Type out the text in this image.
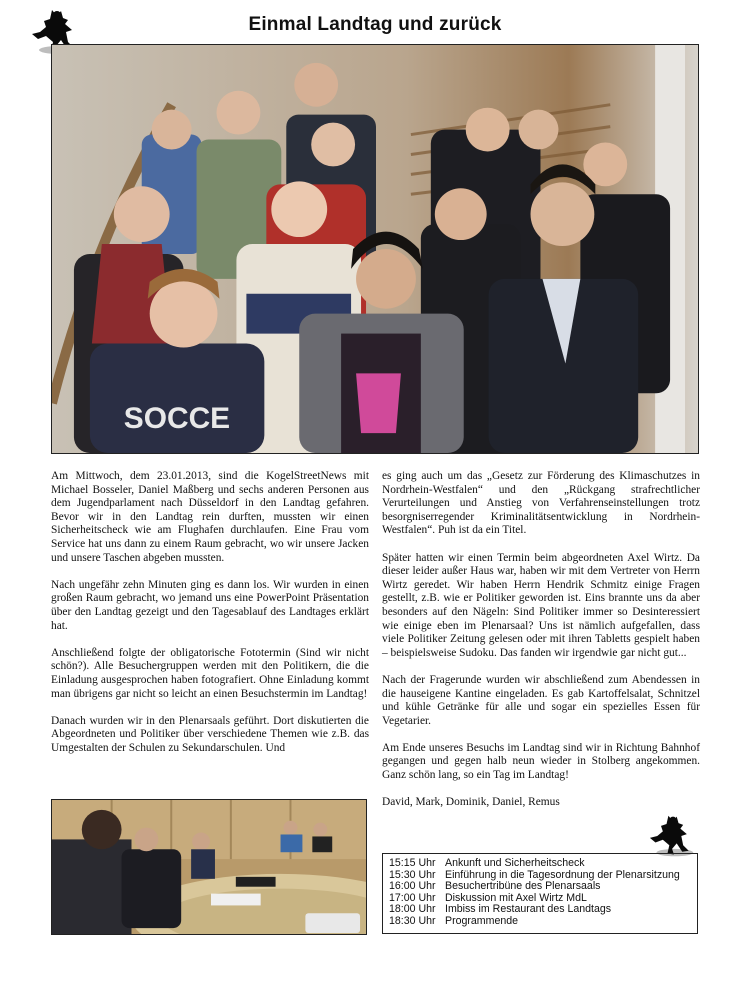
Einmal Landtag und zurück
SOCCE

Am Mittwoch, dem 23.01.2013, sind die KogelStreetNews mit Michael Bosseler, Daniel Maßberg und sechs anderen Personen aus dem Jugendparlament nach Düsseldorf in den Landtag gefahren. Bevor wir in den Landtag rein durften, mussten wir einen Sicherheitscheck wie am Flughafen durchlaufen. Eine Frau vom Service hat uns dann zu einem Raum gebracht, wo wir unsere Jacken und unsere Taschen abgeben mussten.

Nach ungefähr zehn Minuten ging es dann los. Wir wurden in einen großen Raum gebracht, wo jemand uns eine PowerPoint Präsentation über den Landtag gezeigt und den Tagesablauf des Landtages erklärt hat.

Anschließend folgte der obligatorische Fototermin (Sind wir nicht schön?). Alle Besuchergruppen werden mit den Politikern, die die Einladung ausgesprochen haben fotografiert. Ohne Einladung kommt man übrigens gar nicht so leicht an einen Besuchstermin im Landtag!

Danach wurden wir in den Plenarsaals geführt. Dort diskutierten die Abgeordneten und Politiker über verschiedene Themen wie z.B. das Umgestalten der Schulen zu Sekundarschulen. Und

es ging auch um das „Gesetz zur Förderung des Klimaschutzes in Nordrhein-Westfalen“ und den „Rückgang strafrechtlicher Verurteilungen und Anstieg von Verfahrenseinstellungen trotz besorgniserregender Kriminalitätsentwicklung in Nordrhein-Westfalen“. Puh ist da ein Titel.

Später hatten wir einen Termin beim abgeordneten Axel Wirtz. Da dieser leider außer Haus war, haben wir mit dem Vertreter von Herrn Wirtz geredet. Wir haben Herrn Hendrik Schmitz einige Fragen gestellt, z.B. wie er Politiker geworden ist. Eins brannte uns da aber besonders auf den Nägeln: Sind Politiker immer so Desinteressiert wie einige eben im Plenarsaal? Uns ist nämlich aufgefallen, dass viele Politiker Zeitung gelesen oder mit ihren Tabletts gespielt haben – beispielsweise Sudoku. Das fanden wir irgendwie gar nicht gut...

Nach der Fragerunde wurden wir abschließend zum Abendessen in die hauseigene Kantine eingeladen. Es gab Kartoffelsalat, Schnitzel und kühle Getränke für alle und sogar ein spezielles Essen für Vegetarier.

Am Ende unseres Besuchs im Landtag sind wir in Richtung Bahnhof gegangen und gegen halb neun wieder in Stolberg angekommen. Ganz schön lang, so ein Tag im Landtag!

David, Mark, Dominik, Daniel, Remus

15:15 Uhr Ankunft und Sicherheitscheck
15:30 Uhr Einführung in die Tagesordnung der Plenarsitzung
16:00 Uhr Besuchertribüne des Plenarsaals
17:00 Uhr Diskussion mit Axel Wirtz MdL
18:00 Uhr Imbiss im Restaurant des Landtags
18:30 Uhr Programmende
